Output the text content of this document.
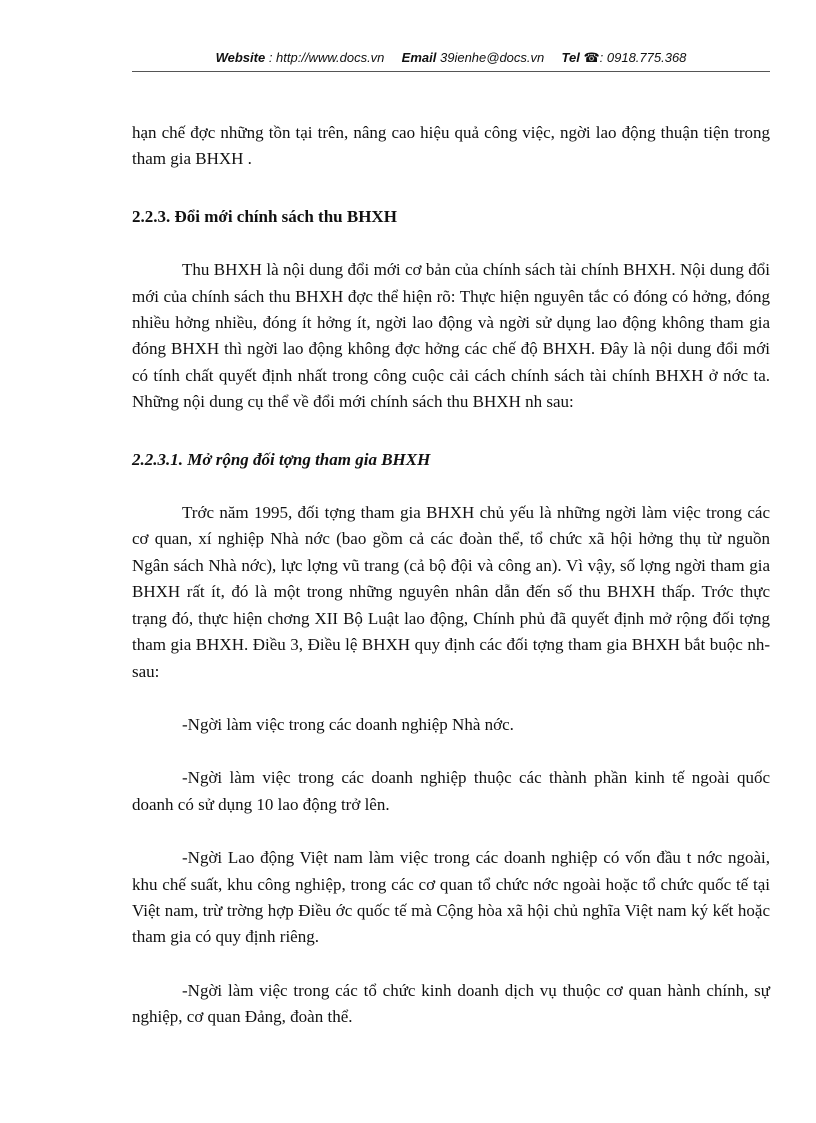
Website : http://www.docs.vn Email 39ienhe@docs.vn Tel ☎: 0918.775.368

hạn chế đợc những tồn tại trên, nâng cao hiệu quả công việc, ngời lao động thuận tiện trong tham gia BHXH .

2.2.3. Đổi mới chính sách thu BHXH

Thu BHXH là nội dung đổi mới cơ bản của chính sách tài chính BHXH. Nội dung đổi mới của chính sách thu BHXH đợc thể hiện rõ: Thực hiện nguyên tắc có đóng có hởng, đóng nhiều hởng nhiều, đóng ít hởng ít, ngời lao động và ngời sử dụng lao động không tham gia đóng BHXH thì ngời lao động không đợc hởng các chế độ BHXH. Đây là nội dung đổi mới có tính chất quyết định nhất trong công cuộc cải cách chính sách tài chính BHXH ở nớc ta. Những nội dung cụ thể về đổi mới chính sách thu BHXH nh sau:

2.2.3.1. Mở rộng đối tợng tham gia BHXH

Trớc năm 1995, đối tợng tham gia BHXH chủ yếu là những ngời làm việc trong các cơ quan, xí nghiệp Nhà nớc (bao gồm cả các đoàn thể, tổ chức xã hội hởng thụ từ nguồn Ngân sách Nhà nớc), lực lợng vũ trang (cả bộ đội và công an). Vì vậy, số lợng ngời tham gia BHXH rất ít, đó là một trong những nguyên nhân dẫn đến số thu BHXH thấp. Trớc thực trạng đó, thực hiện chơng XII Bộ Luật lao động, Chính phủ đã quyết định mở rộng đối tợng tham gia BHXH. Điều 3, Điều lệ BHXH quy định các đối tợng tham gia BHXH bắt buộc nh sau:

-Ngời làm việc trong các doanh nghiệp Nhà nớc.

-Ngời làm việc trong các doanh nghiệp thuộc các thành phần kinh tế ngoài quốc doanh có sử dụng 10 lao động trở lên.

-Ngời Lao động Việt nam làm việc trong các doanh nghiệp có vốn đầu t nớc ngoài, khu chế suất, khu công nghiệp, trong các cơ quan tổ chức nớc ngoài hoặc tổ chức quốc tế tại Việt nam, trừ trờng hợp Điều ớc quốc tế mà Cộng hòa xã hội chủ nghĩa Việt nam ký kết hoặc tham gia có quy định riêng.

-Ngời làm việc trong các tổ chức kinh doanh dịch vụ thuộc cơ quan hành chính, sự nghiệp, cơ quan Đảng, đoàn thể.
